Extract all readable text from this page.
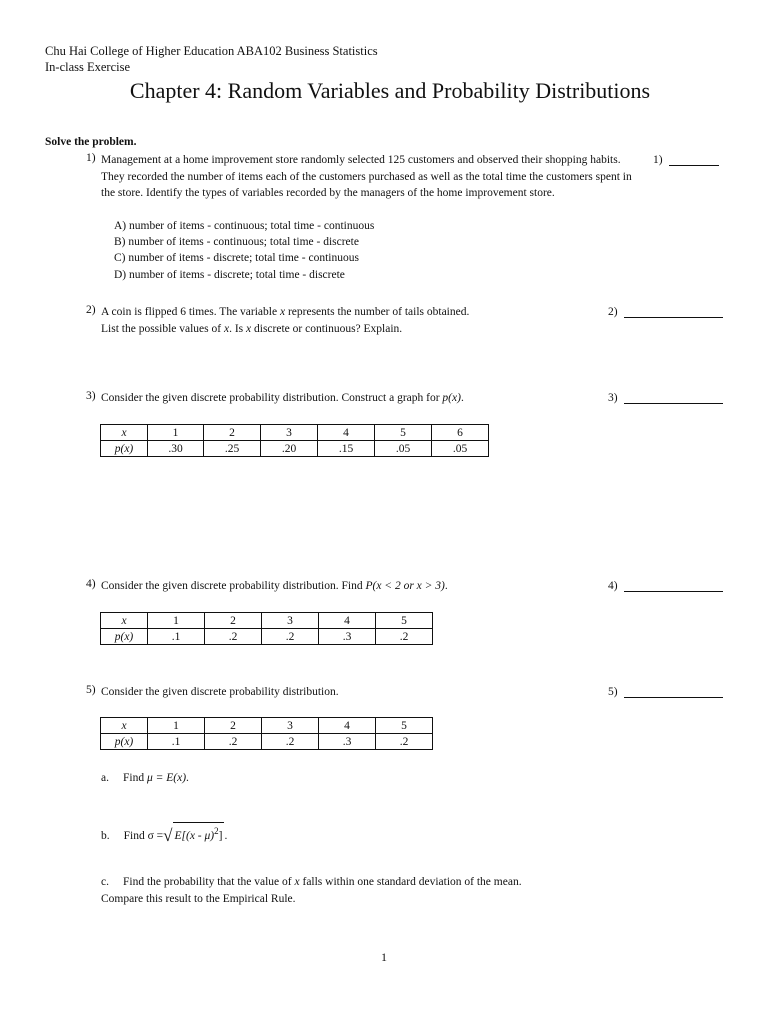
Chu Hai College of Higher Education ABA102 Business Statistics
In-class Exercise
Chapter 4: Random Variables and Probability Distributions
Solve the problem.
1) Management at a home improvement store randomly selected 125 customers and observed their shopping habits. They recorded the number of items each of the customers purchased as well as the total time the customers spent in the store. Identify the types of variables recorded by the managers of the home improvement store.
A) number of items - continuous; total time - continuous
B) number of items - continuous; total time - discrete
C) number of items - discrete; total time - continuous
D) number of items - discrete; total time - discrete
1)
2) A coin is flipped 6 times. The variable x represents the number of tails obtained.
List the possible values of x. Is x discrete or continuous? Explain.
2)
3) Consider the given discrete probability distribution. Construct a graph for p(x).	3)
x	1	2	3	4	5	6
p(x)	.30	.25	.20	.15	.05	.05
4) Consider the given discrete probability distribution. Find P(x < 2 or x > 3).	4)
x	1	2	3	4	5
p(x)	.1	.2	.2	.3	.2
5) Consider the given discrete probability distribution.	5)
x	1	2	3	4	5
p(x)	.1	.2	.2	.3	.2
a. Find μ = E(x).
b. Find σ = √ E[(x - μ)$^2$] .
c. Find the probability that the value of x falls within one standard deviation of the mean.
Compare this result to the Empirical Rule.
1
